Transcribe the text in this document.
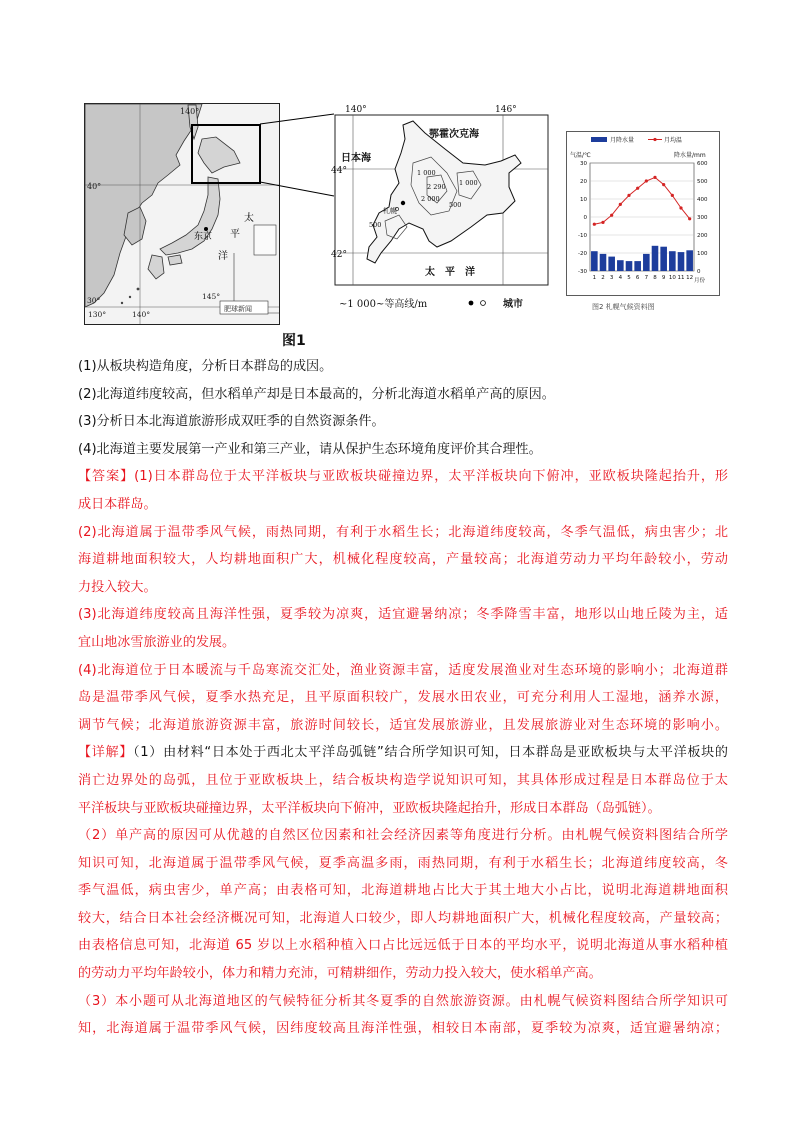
140°
40°
东京
太
平
洋
130°	140°
145°
30°
肥球新闻
140°	146°
44°
42°
鄂霍次克海
日本海
太　平　洋
札幌
1 000
2 290
2 000
500
1 000
500
~1 000~等高线/m	城市
月降水量	月均温
气温/℃	降水量/mm
30
20
10
0
-10
-20
-30
600
500
400
300
200
100
0
1 2 3 4 5 6 7 8 9 10 11 12 月份
图2 札幌气候资料图
图1
(1)从板块构造角度，分析日本群岛的成因。
(2)北海道纬度较高，但水稻单产却是日本最高的，分析北海道水稻单产高的原因。
(3)分析日本北海道旅游形成双旺季的自然资源条件。
(4)北海道主要发展第一产业和第三产业，请从保护生态环境角度评价其合理性。
【答案】(1)日本群岛位于太平洋板块与亚欧板块碰撞边界，太平洋板块向下俯冲，亚欧板块隆起抬升，形
成日本群岛。
(2)北海道属于温带季风气候，雨热同期，有利于水稻生长；北海道纬度较高，冬季气温低，病虫害少；北
海道耕地面积较大，人均耕地面积广大，机械化程度较高，产量较高；北海道劳动力平均年龄较小，劳动
力投入较大。
(3)北海道纬度较高且海洋性强，夏季较为凉爽，适宜避暑纳凉；冬季降雪丰富，地形以山地丘陵为主，适
宜山地冰雪旅游业的发展。
(4)北海道位于日本暖流与千岛寒流交汇处，渔业资源丰富，适度发展渔业对生态环境的影响小；北海道群
岛是温带季风气候，夏季水热充足，且平原面积较广，发展水田农业，可充分利用人工湿地，涵养水源，
调节气候；北海道旅游资源丰富，旅游时间较长，适宜发展旅游业，且发展旅游业对生态环境的影响小。
【详解】（1）由材料“日本处于西北太平洋岛弧链”结合所学知识可知，日本群岛是亚欧板块与太平洋板块的
消亡边界处的岛弧，且位于亚欧板块上，结合板块构造学说知识可知，其具体形成过程是日本群岛位于太
平洋板块与亚欧板块碰撞边界，太平洋板块向下俯冲，亚欧板块隆起抬升，形成日本群岛（岛弧链）。
（2）单产高的原因可从优越的自然区位因素和社会经济因素等角度进行分析。由札幌气候资料图结合所学
知识可知，北海道属于温带季风气候，夏季高温多雨，雨热同期，有利于水稻生长；北海道纬度较高，冬
季气温低，病虫害少，单产高；由表格可知，北海道耕地占比大于其土地大小占比，说明北海道耕地面积
较大，结合日本社会经济概况可知，北海道人口较少，即人均耕地面积广大，机械化程度较高，产量较高；
由表格信息可知，北海道 65 岁以上水稻种植入口占比远远低于日本的平均水平，说明北海道从事水稻种植
的劳动力平均年龄较小，体力和精力充沛，可精耕细作，劳动力投入较大，使水稻单产高。
（3）本小题可从北海道地区的气候特征分析其冬夏季的自然旅游资源。由札幌气候资料图结合所学知识可
知，北海道属于温带季风气候，因纬度较高且海洋性强，相较日本南部，夏季较为凉爽，适宜避暑纳凉；
